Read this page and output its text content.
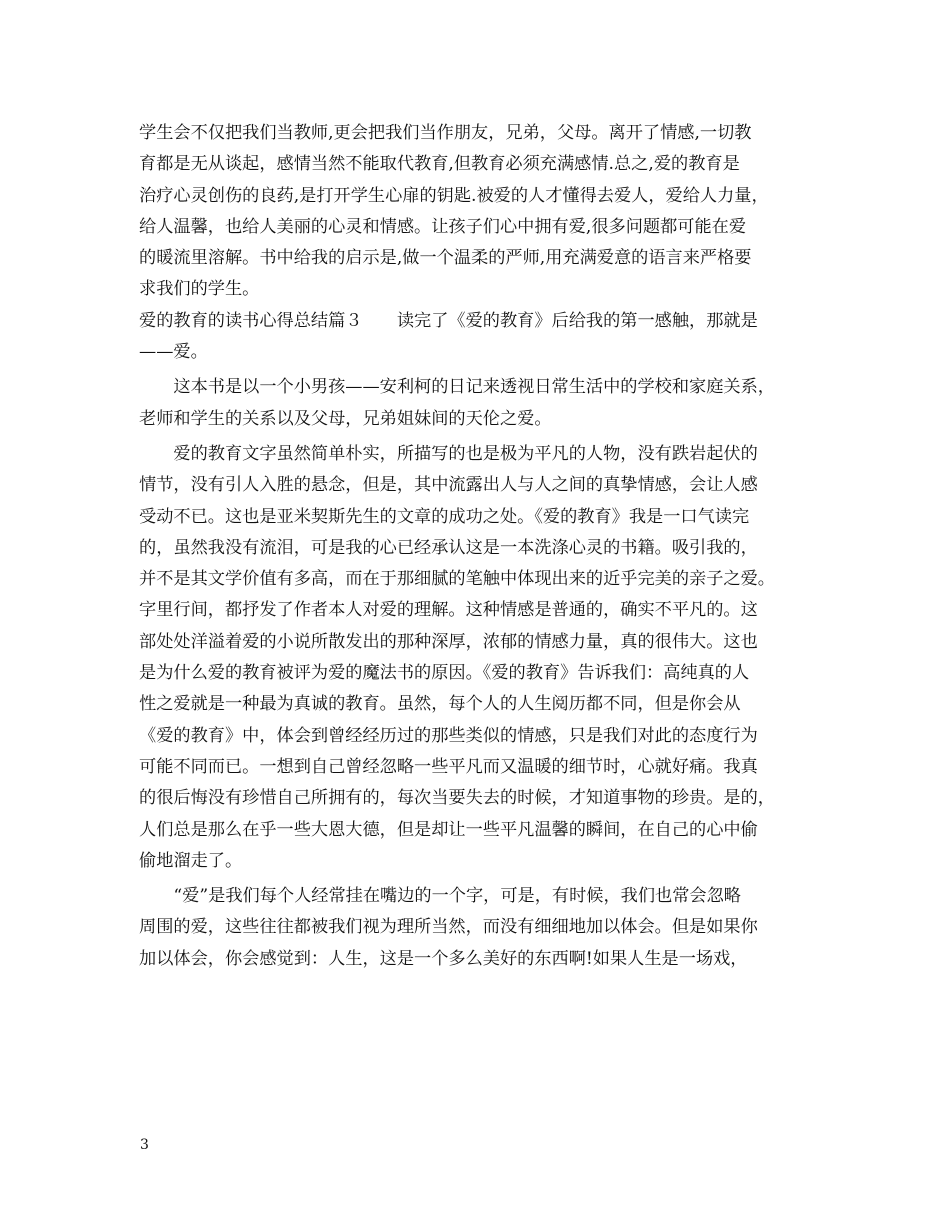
学生会不仅把我们当教师,更会把我们当作朋友，兄弟，父母。离开了情感,一切教
育都是无从谈起，感情当然不能取代教育,但教育必须充满感情.总之,爱的教育是
治疗心灵创伤的良药,是打开学生心扉的钥匙.被爱的人才懂得去爱人，爱给人力量，
给人温馨，也给人美丽的心灵和情感。让孩子们心中拥有爱,很多问题都可能在爱
的暖流里溶解。书中给我的启示是,做一个温柔的严师,用充满爱意的语言来严格要
求我们的学生。
爱的教育的读书心得总结篇３　　读完了《爱的教育》后给我的第一感触，那就是
——爱。
　　这本书是以一个小男孩——安利柯的日记来透视日常生活中的学校和家庭关系，
老师和学生的关系以及父母，兄弟姐妹间的天伦之爱。
　　爱的教育文字虽然简单朴实，所描写的也是极为平凡的人物，没有跌岩起伏的
情节，没有引人入胜的悬念，但是，其中流露出人与人之间的真挚情感，会让人感
受动不已。这也是亚米契斯先生的文章的成功之处。《爱的教育》我是一口气读完
的，虽然我没有流泪，可是我的心已经承认这是一本洗涤心灵的书籍。吸引我的，
并不是其文学价值有多高，而在于那细腻的笔触中体现出来的近乎完美的亲子之爱。
字里行间，都抒发了作者本人对爱的理解。这种情感是普通的，确实不平凡的。这
部处处洋溢着爱的小说所散发出的那种深厚，浓郁的情感力量，真的很伟大。这也
是为什么爱的教育被评为爱的魔法书的原因。《爱的教育》告诉我们：高纯真的人
性之爱就是一种最为真诚的教育。虽然，每个人的人生阅历都不同，但是你会从
《爱的教育》中，体会到曾经经历过的那些类似的情感，只是我们对此的态度行为
可能不同而已。一想到自己曾经忽略一些平凡而又温暖的细节时，心就好痛。我真
的很后悔没有珍惜自己所拥有的，每次当要失去的时候，才知道事物的珍贵。是的，
人们总是那么在乎一些大恩大德，但是却让一些平凡温馨的瞬间，在自己的心中偷
偷地溜走了。
　　“爱”是我们每个人经常挂在嘴边的一个字，可是，有时候，我们也常会忽略
周围的爱，这些往往都被我们视为理所当然，而没有细细地加以体会。但是如果你
加以体会，你会感觉到：人生，这是一个多么美好的东西啊!如果人生是一场戏，
3
